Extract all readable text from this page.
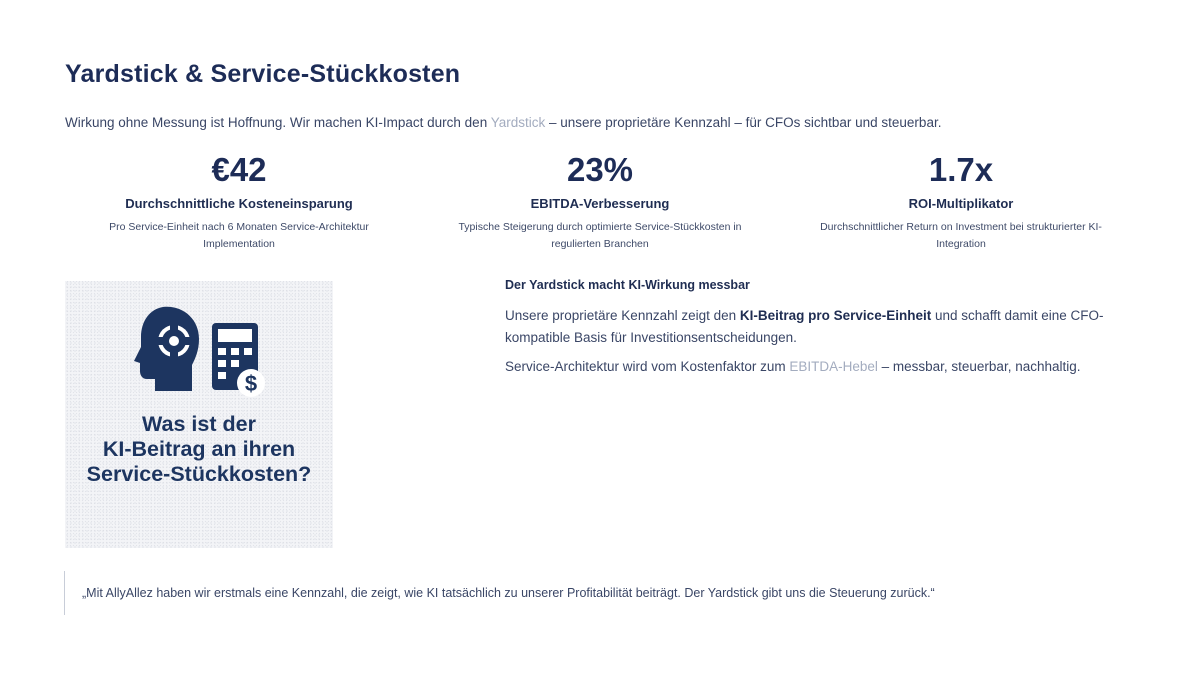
Yardstick & Service-Stückkosten
Wirkung ohne Messung ist Hoffnung. Wir machen KI-Impact durch den Yardstick – unsere proprietäre Kennzahl – für CFOs sichtbar und steuerbar.
€42
Durchschnittliche Kosteneinsparung
Pro Service-Einheit nach 6 Monaten Service-Architektur Implementation
23%
EBITDA-Verbesserung
Typische Steigerung durch optimierte Service-Stückkosten in regulierten Branchen
1.7x
ROI-Multiplikator
Durchschnittlicher Return on Investment bei strukturierter KI-Integration
$
Was ist der
KI-Beitrag an ihren
Service-Stückkosten?
Der Yardstick macht KI-Wirkung messbar
Unsere proprietäre Kennzahl zeigt den KI-Beitrag pro Service-Einheit und schafft damit eine CFO-kompatible Basis für Investitionsentscheidungen.
Service-Architektur wird vom Kostenfaktor zum EBITDA-Hebel – messbar, steuerbar, nachhaltig.
„Mit AllyAllez haben wir erstmals eine Kennzahl, die zeigt, wie KI tatsächlich zu unserer Profitabilität beiträgt. Der Yardstick gibt uns die Steuerung zurück.“
